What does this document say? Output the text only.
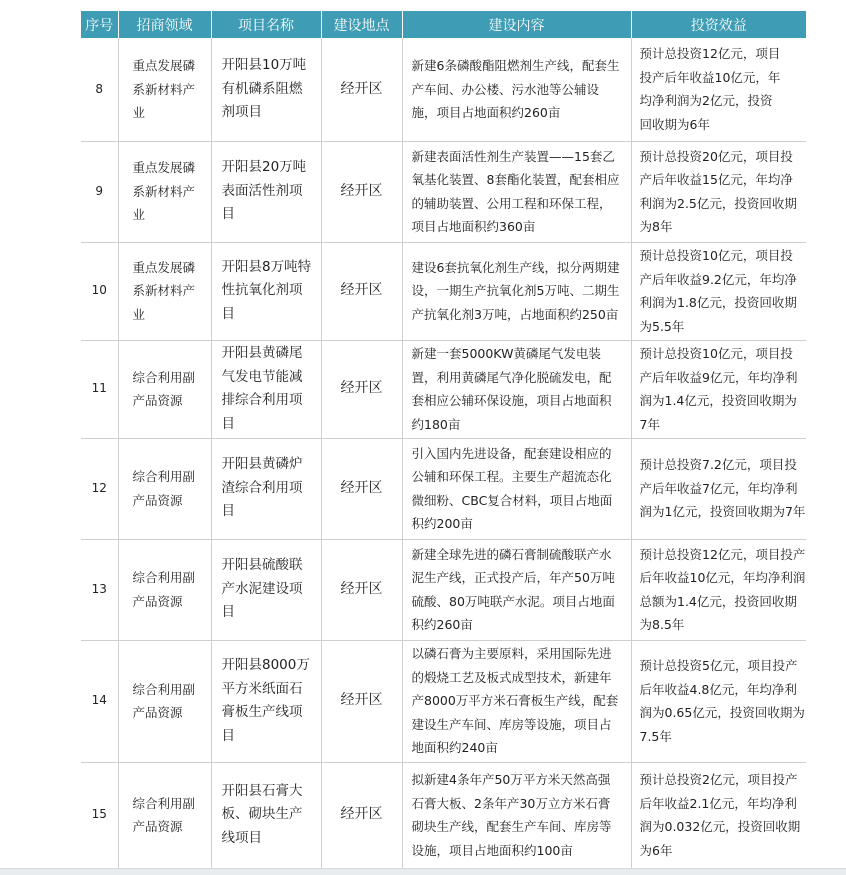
序号	招商领域	项目名称	建设地点	建设内容	投资效益
8	重点发展磷系新材料产业	开阳县10万吨有机磷系阻燃剂项目	经开区	新建6条磷酸酯阻燃剂生产线，配套生产车间、办公楼、污水池等公辅设施，项目占地面积约260亩	预计总投资12亿元，项目
投产后年收益10亿元，年
均净利润为2亿元，投资
回收期为6年

9	重点发展磷系新材料产业	开阳县20万吨表面活性剂项目	经开区	新建表面活性剂生产装置——15套乙氧基化装置、8套酯化装置，配套相应的辅助装置、公用工程和环保工程，项目占地面积约360亩	预计总投资20亿元，项目投
产后年收益15亿元，年均净
利润为2.5亿元，投资回收期
为8年

10	重点发展磷系新材料产业	开阳县8万吨特性抗氧化剂项目	经开区	建设6套抗氧化剂生产线，拟分两期建设，一期生产抗氧化剂5万吨、二期生产抗氧化剂3万吨，占地面积约250亩	预计总投资10亿元，项目投
产后年收益9.2亿元，年均净
利润为1.8亿元，投资回收期
为5.5年

11	综合利用副产品资源	开阳县黄磷尾气发电节能减排综合利用项目	经开区	新建一套5000KW黄磷尾气发电装置，利用黄磷尾气净化脱硫发电，配套相应公辅环保设施，项目占地面积约180亩	预计总投资10亿元，项目投
产后年收益9亿元，年均净利
润为1.4亿元，投资回收期为
7年

12	综合利用副产品资源	开阳县黄磷炉渣综合利用项目	经开区	引入国内先进设备，配套建设相应的公辅和环保工程。主要生产超流态化微细粉、CBC复合材料，项目占地面积约200亩	预计总投资7.2亿元，项目投
产后年收益7亿元，年均净利
润为1亿元，投资回收期为7年

13	综合利用副产品资源	开阳县硫酸联产水泥建设项目	经开区	新建全球先进的磷石膏制硫酸联产水泥生产线，正式投产后，年产50万吨硫酸、80万吨联产水泥。项目占地面积约260亩	预计总投资12亿元，项目投产
后年收益10亿元，年均净利润
总额为1.4亿元，投资回收期
为8.5年

14	综合利用副产品资源	开阳县8000万平方米纸面石膏板生产线项目	经开区	以磷石膏为主要原料，采用国际先进的煅烧工艺及板式成型技术，新建年产8000万平方米石膏板生产线，配套建设生产车间、库房等设施，项目占地面积约240亩	预计总投资5亿元，项目投产
后年收益4.8亿元，年均净利
润为0.65亿元，投资回收期为
7.5年

15	综合利用副产品资源	开阳县石膏大板、砌块生产线项目	经开区	拟新建4条年产50万平方米天然高强石膏大板、2条年产30万立方米石膏砌块生产线，配套生产车间、库房等设施，项目占地面积约100亩	预计总投资2亿元，项目投产
后年收益2.1亿元，年均净利
润为0.032亿元，投资回收期
为6年
